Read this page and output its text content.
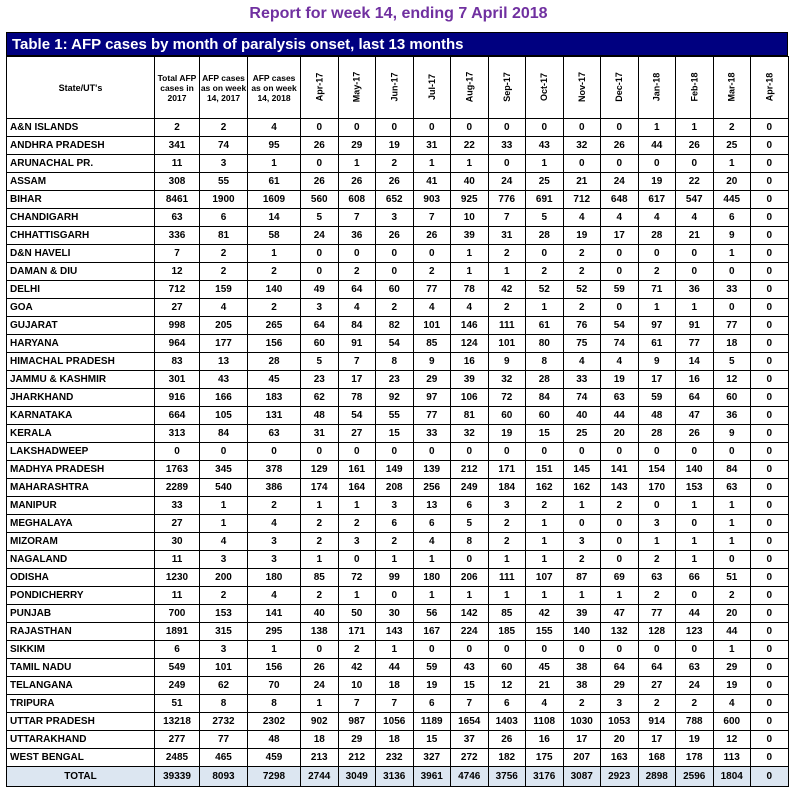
Report for week 14, ending 7 April 2018
Table 1: AFP cases by month of paralysis onset, last 13 months
State/UT's	Total AFP cases in 2017	AFP cases as on week 14, 2017	AFP cases as on week 14, 2018	Apr-17	May-17	Jun-17	Jul-17	Aug-17	Sep-17	Oct-17	Nov-17	Dec-17	Jan-18	Feb-18	Mar-18	Apr-18
A&N ISLANDS	2	2	4	0	0	0	0	0	0	0	0	0	1	1	2	0
ANDHRA PRADESH	341	74	95	26	29	19	31	22	33	43	32	26	44	26	25	0
ARUNACHAL PR.	11	3	1	0	1	2	1	1	0	1	0	0	0	0	1	0
ASSAM	308	55	61	26	26	26	41	40	24	25	21	24	19	22	20	0
BIHAR	8461	1900	1609	560	608	652	903	925	776	691	712	648	617	547	445	0
CHANDIGARH	63	6	14	5	7	3	7	10	7	5	4	4	4	4	6	0
CHHATTISGARH	336	81	58	24	36	26	26	39	31	28	19	17	28	21	9	0
D&N HAVELI	7	2	1	0	0	0	0	1	2	0	2	0	0	0	1	0
DAMAN & DIU	12	2	2	0	2	0	2	1	1	2	2	0	2	0	0	0
DELHI	712	159	140	49	64	60	77	78	42	52	52	59	71	36	33	0
GOA	27	4	2	3	4	2	4	4	2	1	2	0	1	1	0	0
GUJARAT	998	205	265	64	84	82	101	146	111	61	76	54	97	91	77	0
HARYANA	964	177	156	60	91	54	85	124	101	80	75	74	61	77	18	0
HIMACHAL PRADESH	83	13	28	5	7	8	9	16	9	8	4	4	9	14	5	0
JAMMU & KASHMIR	301	43	45	23	17	23	29	39	32	28	33	19	17	16	12	0
JHARKHAND	916	166	183	62	78	92	97	106	72	84	74	63	59	64	60	0
KARNATAKA	664	105	131	48	54	55	77	81	60	60	40	44	48	47	36	0
KERALA	313	84	63	31	27	15	33	32	19	15	25	20	28	26	9	0
LAKSHADWEEP	0	0	0	0	0	0	0	0	0	0	0	0	0	0	0	0
MADHYA PRADESH	1763	345	378	129	161	149	139	212	171	151	145	141	154	140	84	0
MAHARASHTRA	2289	540	386	174	164	208	256	249	184	162	162	143	170	153	63	0
MANIPUR	33	1	2	1	1	3	13	6	3	2	1	2	0	1	1	0
MEGHALAYA	27	1	4	2	2	6	6	5	2	1	0	0	3	0	1	0
MIZORAM	30	4	3	2	3	2	4	8	2	1	3	0	1	1	1	0
NAGALAND	11	3	3	1	0	1	1	0	1	1	2	0	2	1	0	0
ODISHA	1230	200	180	85	72	99	180	206	111	107	87	69	63	66	51	0
PONDICHERRY	11	2	4	2	1	0	1	1	1	1	1	1	2	0	2	0
PUNJAB	700	153	141	40	50	30	56	142	85	42	39	47	77	44	20	0
RAJASTHAN	1891	315	295	138	171	143	167	224	185	155	140	132	128	123	44	0
SIKKIM	6	3	1	0	2	1	0	0	0	0	0	0	0	0	1	0
TAMIL NADU	549	101	156	26	42	44	59	43	60	45	38	64	64	63	29	0
TELANGANA	249	62	70	24	10	18	19	15	12	21	38	29	27	24	19	0
TRIPURA	51	8	8	1	7	7	6	7	6	4	2	3	2	2	4	0
UTTAR PRADESH	13218	2732	2302	902	987	1056	1189	1654	1403	1108	1030	1053	914	788	600	0
UTTARAKHAND	277	77	48	18	29	18	15	37	26	16	17	20	17	19	12	0
WEST BENGAL	2485	465	459	213	212	232	327	272	182	175	207	163	168	178	113	0
TOTAL	39339	8093	7298	2744	3049	3136	3961	4746	3756	3176	3087	2923	2898	2596	1804	0
